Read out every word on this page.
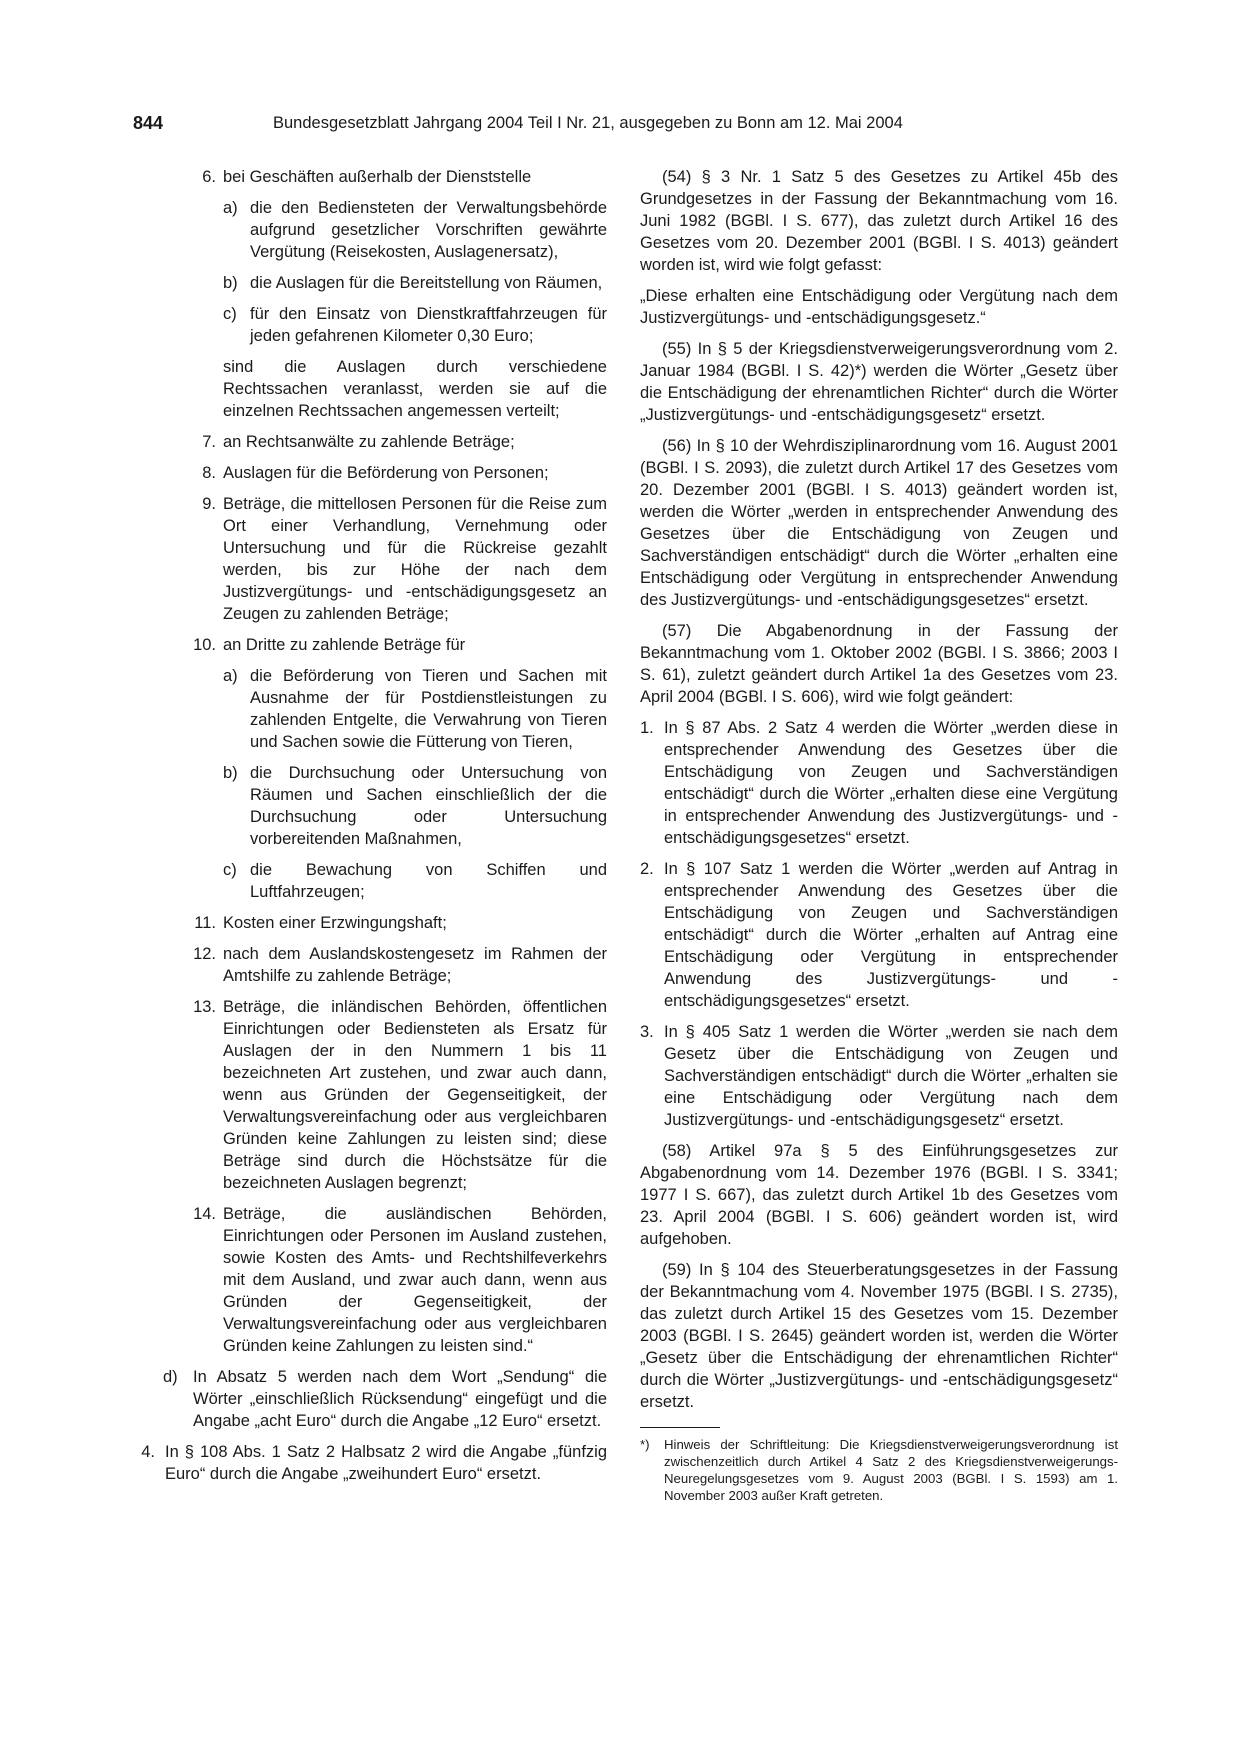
844	Bundesgesetzblatt Jahrgang 2004 Teil I Nr. 21, ausgegeben zu Bonn am 12. Mai 2004
6. bei Geschäften außerhalb der Dienststelle
a) die den Bediensteten der Verwaltungsbehörde aufgrund gesetzlicher Vorschriften gewährte Vergütung (Reisekosten, Auslagenersatz),
b) die Auslagen für die Bereitstellung von Räumen,
c) für den Einsatz von Dienstkraftfahrzeugen für jeden gefahrenen Kilometer 0,30 Euro;
sind die Auslagen durch verschiedene Rechtssachen veranlasst, werden sie auf die einzelnen Rechtssachen angemessen verteilt;
7. an Rechtsanwälte zu zahlende Beträge;
8. Auslagen für die Beförderung von Personen;
9. Beträge, die mittellosen Personen für die Reise zum Ort einer Verhandlung, Vernehmung oder Untersuchung und für die Rückreise gezahlt werden, bis zur Höhe der nach dem Justizvergütungs- und -entschädigungsgesetz an Zeugen zu zahlenden Beträge;
10. an Dritte zu zahlende Beträge für
a) die Beförderung von Tieren und Sachen mit Ausnahme der für Postdienstleistungen zu zahlenden Entgelte, die Verwahrung von Tieren und Sachen sowie die Fütterung von Tieren,
b) die Durchsuchung oder Untersuchung von Räumen und Sachen einschließlich der die Durchsuchung oder Untersuchung vorbereitenden Maßnahmen,
c) die Bewachung von Schiffen und Luftfahrzeugen;
11. Kosten einer Erzwingungshaft;
12. nach dem Auslandskostengesetz im Rahmen der Amtshilfe zu zahlende Beträge;
13. Beträge, die inländischen Behörden, öffentlichen Einrichtungen oder Bediensteten als Ersatz für Auslagen der in den Nummern 1 bis 11 bezeichneten Art zustehen, und zwar auch dann, wenn aus Gründen der Gegenseitigkeit, der Verwaltungsvereinfachung oder aus vergleichbaren Gründen keine Zahlungen zu leisten sind; diese Beträge sind durch die Höchstsätze für die bezeichneten Auslagen begrenzt;
14. Beträge, die ausländischen Behörden, Einrichtungen oder Personen im Ausland zustehen, sowie Kosten des Amts- und Rechtshilfeverkehrs mit dem Ausland, und zwar auch dann, wenn aus Gründen der Gegenseitigkeit, der Verwaltungsvereinfachung oder aus vergleichbaren Gründen keine Zahlungen zu leisten sind.“
d) In Absatz 5 werden nach dem Wort „Sendung“ die Wörter „einschließlich Rücksendung“ eingefügt und die Angabe „acht Euro“ durch die Angabe „12 Euro“ ersetzt.
4. In § 108 Abs. 1 Satz 2 Halbsatz 2 wird die Angabe „fünfzig Euro“ durch die Angabe „zweihundert Euro“ ersetzt.

(54) § 3 Nr. 1 Satz 5 des Gesetzes zu Artikel 45b des Grundgesetzes in der Fassung der Bekanntmachung vom 16. Juni 1982 (BGBl. I S. 677), das zuletzt durch Artikel 16 des Gesetzes vom 20. Dezember 2001 (BGBl. I S. 4013) geändert worden ist, wird wie folgt gefasst:

„Diese erhalten eine Entschädigung oder Vergütung nach dem Justizvergütungs- und -entschädigungsgesetz.“

(55) In § 5 der Kriegsdienstverweigerungsverordnung vom 2. Januar 1984 (BGBl. I S. 42)*) werden die Wörter „Gesetz über die Entschädigung der ehrenamtlichen Richter“ durch die Wörter „Justizvergütungs- und -entschädigungsgesetz“ ersetzt.

(56) In § 10 der Wehrdisziplinarordnung vom 16. August 2001 (BGBl. I S. 2093), die zuletzt durch Artikel 17 des Gesetzes vom 20. Dezember 2001 (BGBl. I S. 4013) geändert worden ist, werden die Wörter „werden in entsprechender Anwendung des Gesetzes über die Entschädigung von Zeugen und Sachverständigen entschädigt“ durch die Wörter „erhalten eine Entschädigung oder Vergütung in entsprechender Anwendung des Justizvergütungs- und -entschädigungsgesetzes“ ersetzt.

(57) Die Abgabenordnung in der Fassung der Bekanntmachung vom 1. Oktober 2002 (BGBl. I S. 3866; 2003 I S. 61), zuletzt geändert durch Artikel 1a des Gesetzes vom 23. April 2004 (BGBl. I S. 606), wird wie folgt geändert:

1. In § 87 Abs. 2 Satz 4 werden die Wörter „werden diese in entsprechender Anwendung des Gesetzes über die Entschädigung von Zeugen und Sachverständigen entschädigt“ durch die Wörter „erhalten diese eine Vergütung in entsprechender Anwendung des Justizvergütungs- und -entschädigungsgesetzes“ ersetzt.
2. In § 107 Satz 1 werden die Wörter „werden auf Antrag in entsprechender Anwendung des Gesetzes über die Entschädigung von Zeugen und Sachverständigen entschädigt“ durch die Wörter „erhalten auf Antrag eine Entschädigung oder Vergütung in entsprechender Anwendung des Justizvergütungs- und -entschädigungsgesetzes“ ersetzt.
3. In § 405 Satz 1 werden die Wörter „werden sie nach dem Gesetz über die Entschädigung von Zeugen und Sachverständigen entschädigt“ durch die Wörter „erhalten sie eine Entschädigung oder Vergütung nach dem Justizvergütungs- und -entschädigungsgesetz“ ersetzt.

(58) Artikel 97a § 5 des Einführungsgesetzes zur Abgabenordnung vom 14. Dezember 1976 (BGBl. I S. 3341; 1977 I S. 667), das zuletzt durch Artikel 1b des Gesetzes vom 23. April 2004 (BGBl. I S. 606) geändert worden ist, wird aufgehoben.

(59) In § 104 des Steuerberatungsgesetzes in der Fassung der Bekanntmachung vom 4. November 1975 (BGBl. I S. 2735), das zuletzt durch Artikel 15 des Gesetzes vom 15. Dezember 2003 (BGBl. I S. 2645) geändert worden ist, werden die Wörter „Gesetz über die Entschädigung der ehrenamtlichen Richter“ durch die Wörter „Justizvergütungs- und -entschädigungsgesetz“ ersetzt.

*) Hinweis der Schriftleitung: Die Kriegsdienstverweigerungsverordnung ist zwischenzeitlich durch Artikel 4 Satz 2 des Kriegsdienstverweigerungs-Neuregelungsgesetzes vom 9. August 2003 (BGBl. I S. 1593) am 1. November 2003 außer Kraft getreten.
